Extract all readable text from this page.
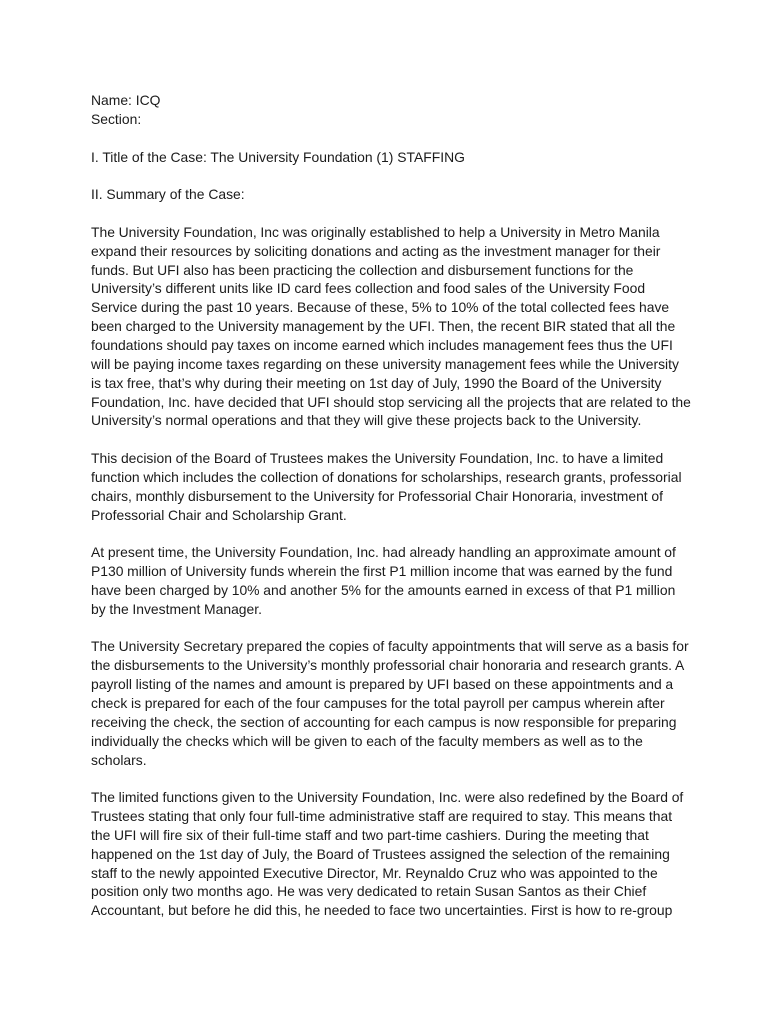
Name: ICQ

Section:

I. Title of the Case: The University Foundation (1) STAFFING

II. Summary of the Case:

The University Foundation, Inc was originally established to help a University in Metro Manila expand their resources by soliciting donations and acting as the investment manager for their funds. But UFI also has been practicing the collection and disbursement functions for the University’s different units like ID card fees collection and food sales of the University Food Service during the past 10 years. Because of these, 5% to 10% of the total collected fees have been charged to the University management by the UFI. Then, the recent BIR stated that all the foundations should pay taxes on income earned which includes management fees thus the UFI will be paying income taxes regarding on these university management fees while the University is tax free, that’s why during their meeting on 1st day of July, 1990 the Board of the University Foundation, Inc. have decided that UFI should stop servicing all the projects that are related to the University’s normal operations and that they will give these projects back to the University.

This decision of the Board of Trustees makes the University Foundation, Inc. to have a limited function which includes the collection of donations for scholarships, research grants, professorial chairs, monthly disbursement to the University for Professorial Chair Honoraria, investment of Professorial Chair and Scholarship Grant.

At present time, the University Foundation, Inc. had already handling an approximate amount of P130 million of University funds wherein the first P1 million income that was earned by the fund have been charged by 10% and another 5% for the amounts earned in excess of that P1 million by the Investment Manager.

The University Secretary prepared the copies of faculty appointments that will serve as a basis for the disbursements to the University’s monthly professorial chair honoraria and research grants. A payroll listing of the names and amount is prepared by UFI based on these appointments and a check is prepared for each of the four campuses for the total payroll per campus wherein after receiving the check, the section of accounting for each campus is now responsible for preparing individually the checks which will be given to each of the faculty members as well as to the scholars.

The limited functions given to the University Foundation, Inc. were also redefined by the Board of Trustees stating that only four full-time administrative staff are required to stay. This means that the UFI will fire six of their full-time staff and two part-time cashiers. During the meeting that happened on the 1st day of July, the Board of Trustees assigned the selection of the remaining staff to the newly appointed Executive Director, Mr. Reynaldo Cruz who was appointed to the position only two months ago. He was very dedicated to retain Susan Santos as their Chief Accountant, but before he did this, he needed to face two uncertainties. First is how to re-group
